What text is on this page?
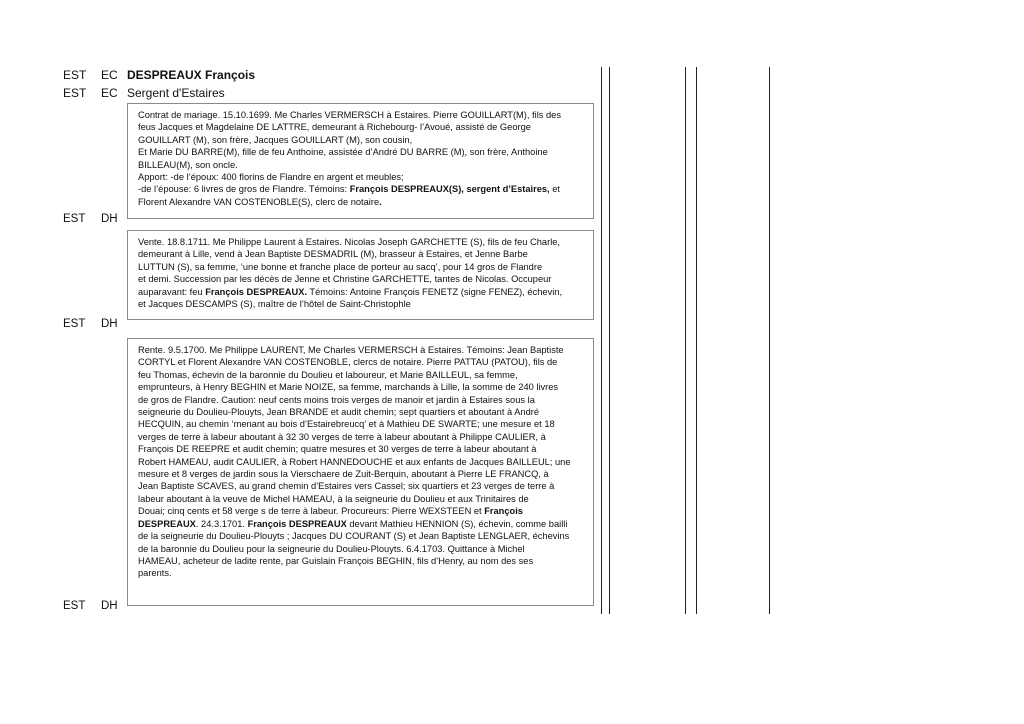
EST EC DESPREAUX François
EST EC Sergent d'Estaires

Contrat de mariage. 15.10.1699. Me Charles VERMERSCH à Estaires. Pierre GOUILLART(M), fils des

feus Jacques et Magdelaine DE LATTRE, demeurant à Richebourg- l’Avoué, assisté de George

GOUILLART (M), son frère, Jacques GOUILLART (M), son cousin,

Et Marie DU BARRE(M), fille de feu Anthoine, assistée d’André DU BARRE (M), son frère, Anthoine

BILLEAU(M), son oncle.

Apport: -de l’époux: 400 florins de Flandre en argent et meubles;

-de l’épouse: 6 livres de gros de Flandre. Témoins: François DESPREAUX(S), sergent d’Estaires, et

Florent Alexandre VAN COSTENOBLE(S), clerc de notaire.

EST DH

Vente. 18.8.1711. Me Philippe Laurent à Estaires. Nicolas Joseph GARCHETTE (S), fils de feu Charle,

demeurant à Lille, vend à Jean Baptiste DESMADRIL (M), brasseur à Estaires, et Jenne Barbe

LUTTUN (S), sa femme, ‘une bonne et franche place de porteur au sacq’, pour 14 gros de Flandre

et demi. Succession par les décès de Jenne et Christine GARCHETTE, tantes de Nicolas. Occupeur

auparavant: feu François DESPREAUX. Témoins: Antoine François FENETZ (signe FENEZ), échevin,

et Jacques DESCAMPS (S), maître de l’hôtel de Saint-Christophle

EST DH

Rente. 9.5.1700. Me Philippe LAURENT, Me Charles VERMERSCH à Estaires. Témoins: Jean Baptiste

CORTYL et Florent Alexandre VAN COSTENOBLE, clercs de notaire. Pierre PATTAU (PATOU), fils de

feu Thomas, échevin de la baronnie du Doulieu et laboureur, et Marie BAILLEUL, sa femme,

emprunteurs, à Henry BEGHIN et Marie NOIZE, sa femme, marchands à Lille, la somme de 240 livres

de gros de Flandre. Caution: neuf cents moins trois verges de manoir et jardin à Estaires sous la

seigneurie du Doulieu-Plouyts, Jean BRANDE et audit chemin; sept quartiers et aboutant à André

HECQUIN, au chemin ‘menant au bois d’Estairebreucq’ et à Mathieu DE SWARTE; une mesure et 18

verges de terre à labeur aboutant à 32 30 verges de terre à labeur aboutant à Philippe CAULIER, à

François DE REEPRE et audit chemin; quatre mesures et 30 verges de terre à labeur aboutant à

Robert HAMEAU, audit CAULIER, à Robert HANNEDOUCHE et aux enfants de Jacques BAILLEUL; une

mesure et 8 verges de jardin sous la Vierschaere de Zuit-Berquin, aboutant à Pierre LE FRANCQ, à

Jean Baptiste SCAVES, au grand chemin d’Estaires vers Cassel; six quartiers et 23 verges de terre à

labeur aboutant à la veuve de Michel HAMEAU, à la seigneurie du Doulieu et aux Trinitaires de

Douai; cinq cents et 58 verge s de terre à labeur. Procureurs: Pierre WEXSTEEN et François

DESPREAUX. 24.3.1701. François DESPREAUX devant Mathieu HENNION (S), échevin, comme bailli

de la seigneurie du Doulieu-Plouyts ; Jacques DU COURANT (S) et Jean Baptiste LENGLAER, échevins

de la baronnie du Doulieu pour la seigneurie du Doulieu-Plouyts. 6.4.1703. Quittance à Michel

HAMEAU, acheteur de ladite rente, par Guislain François BEGHIN, fils d’Henry, au nom des ses

parents.

EST DH
